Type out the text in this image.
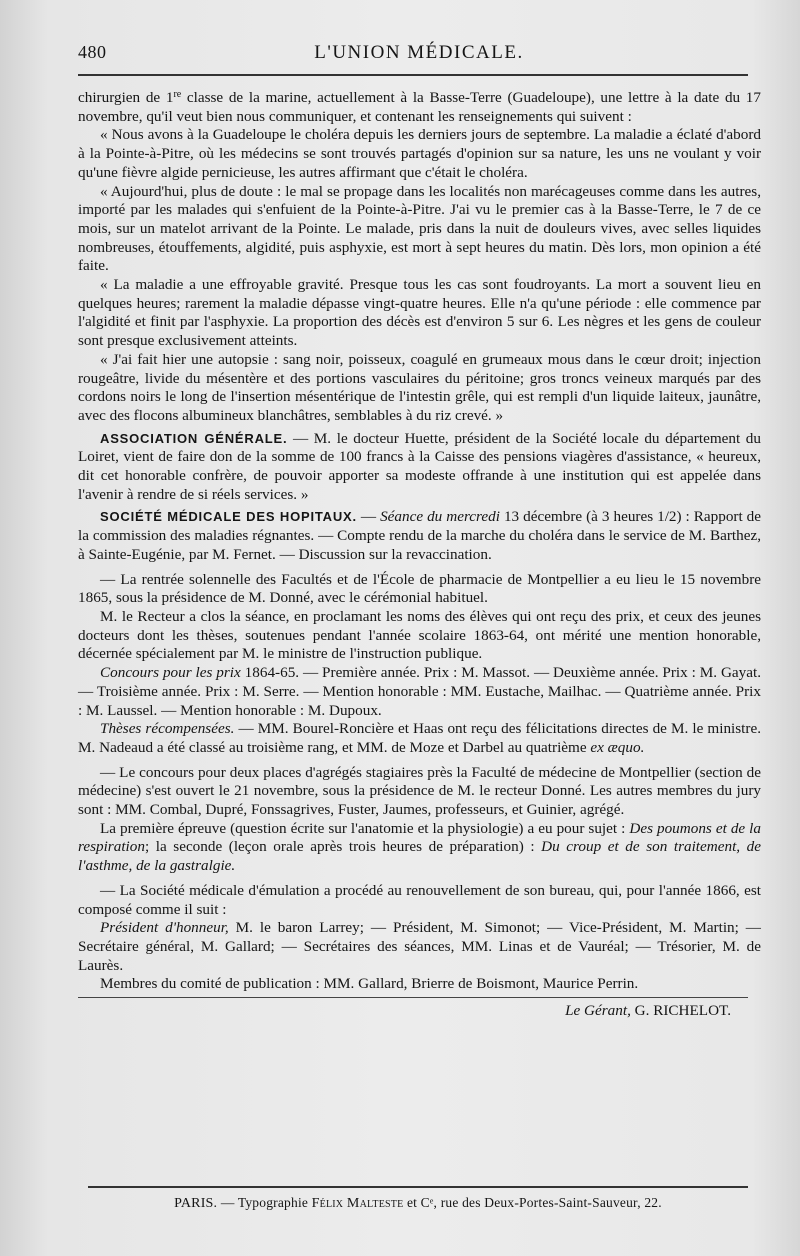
480	L'UNION MÉDICALE.

chirurgien de 1re classe de la marine, actuellement à la Basse-Terre (Guadeloupe), une lettre à la date du 17 novembre, qu'il veut bien nous communiquer, et contenant les renseignements qui suivent :

« Nous avons à la Guadeloupe le choléra depuis les derniers jours de septembre. La maladie a éclaté d'abord à la Pointe-à-Pitre, où les médecins se sont trouvés partagés d'opinion sur sa nature, les uns ne voulant y voir qu'une fièvre algide pernicieuse, les autres affirmant que c'était le choléra.

« Aujourd'hui, plus de doute : le mal se propage dans les localités non marécageuses comme dans les autres, importé par les malades qui s'enfuient de la Pointe-à-Pitre. J'ai vu le premier cas à la Basse-Terre, le 7 de ce mois, sur un matelot arrivant de la Pointe. Le malade, pris dans la nuit de douleurs vives, avec selles liquides nombreuses, étouffements, algidité, puis asphyxie, est mort à sept heures du matin. Dès lors, mon opinion a été faite.

« La maladie a une effroyable gravité. Presque tous les cas sont foudroyants. La mort a souvent lieu en quelques heures; rarement la maladie dépasse vingt-quatre heures. Elle n'a qu'une période : elle commence par l'algidité et finit par l'asphyxie. La proportion des décès est d'environ 5 sur 6. Les nègres et les gens de couleur sont presque exclusivement atteints.

« J'ai fait hier une autopsie : sang noir, poisseux, coagulé en grumeaux mous dans le cœur droit; injection rougeâtre, livide du mésentère et des portions vasculaires du péritoine; gros troncs veineux marqués par des cordons noirs le long de l'insertion mésentérique de l'intestin grêle, qui est rempli d'un liquide laiteux, jaunâtre, avec des flocons albumineux blanchâtres, semblables à du riz crevé. »

ASSOCIATION GÉNÉRALE. — M. le docteur Huette, président de la Société locale du département du Loiret, vient de faire don de la somme de 100 francs à la Caisse des pensions viagères d'assistance, « heureux, dit cet honorable confrère, de pouvoir apporter sa modeste offrande à une institution qui est appelée dans l'avenir à rendre de si réels services. »

SOCIÉTÉ MÉDICALE DES HOPITAUX. — Séance du mercredi 13 décembre (à 3 heures 1/2) : Rapport de la commission des maladies régnantes. — Compte rendu de la marche du choléra dans le service de M. Barthez, à Sainte-Eugénie, par M. Fernet. — Discussion sur la revaccination.

— La rentrée solennelle des Facultés et de l'École de pharmacie de Montpellier a eu lieu le 15 novembre 1865, sous la présidence de M. Donné, avec le cérémonial habituel.

M. le Recteur a clos la séance, en proclamant les noms des élèves qui ont reçu des prix, et ceux des jeunes docteurs dont les thèses, soutenues pendant l'année scolaire 1863-64, ont mérité une mention honorable, décernée spécialement par M. le ministre de l'instruction publique.

Concours pour les prix 1864-65. — Première année. Prix : M. Massot. — Deuxième année. Prix : M. Gayat. — Troisième année. Prix : M. Serre. — Mention honorable : MM. Eustache, Mailhac. — Quatrième année. Prix : M. Laussel. — Mention honorable : M. Dupoux.

Thèses récompensées. — MM. Bourel-Roncière et Haas ont reçu des félicitations directes de M. le ministre. M. Nadeaud a été classé au troisième rang, et MM. de Moze et Darbel au quatrième ex æquo.

— Le concours pour deux places d'agrégés stagiaires près la Faculté de médecine de Montpellier (section de médecine) s'est ouvert le 21 novembre, sous la présidence de M. le recteur Donné. Les autres membres du jury sont : MM. Combal, Dupré, Fonssagrives, Fuster, Jaumes, professeurs, et Guinier, agrégé.

La première épreuve (question écrite sur l'anatomie et la physiologie) a eu pour sujet : Des poumons et de la respiration; la seconde (leçon orale après trois heures de préparation) : Du croup et de son traitement, de l'asthme, de la gastralgie.

— La Société médicale d'émulation a procédé au renouvellement de son bureau, qui, pour l'année 1866, est composé comme il suit :

Président d'honneur, M. le baron Larrey; — Président, M. Simonot; — Vice-Président, M. Martin; — Secrétaire général, M. Gallard; — Secrétaires des séances, MM. Linas et de Vauréal; — Trésorier, M. de Laurès.

Membres du comité de publication : MM. Gallard, Brierre de Boismont, Maurice Perrin.

Le Gérant, G. RICHELOT.

PARIS. — Typographie Félix Malteste et Cᵉ, rue des Deux-Portes-Saint-Sauveur, 22.
